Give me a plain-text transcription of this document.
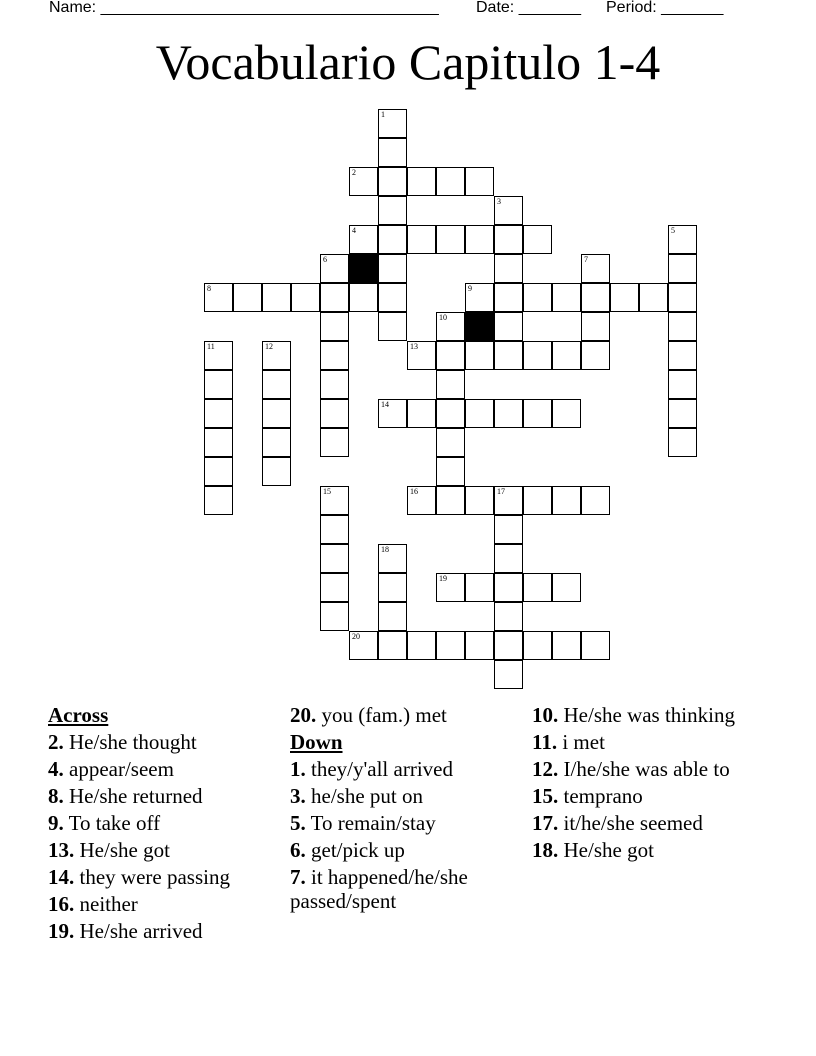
Name: ______________________________________ Date: _______ Period: _______
Vocabulario Capitulo 1-4
1
2
3
4	5
6	7
8	9
10
11	12	13
14
15	16	17
18
19
20
Across
2. He/she thought
4. appear/seem
8. He/she returned
9. To take off
13. He/she got
14. they were passing
16. neither
19. He/she arrived
20. you (fam.) met
Down
1. they/y'all arrived
3. he/she put on
5. To remain/stay
6. get/pick up
7. it happened/he/she passed/spent
10. He/she was thinking
11. i met
12. I/he/she was able to
15. temprano
17. it/he/she seemed
18. He/she got
